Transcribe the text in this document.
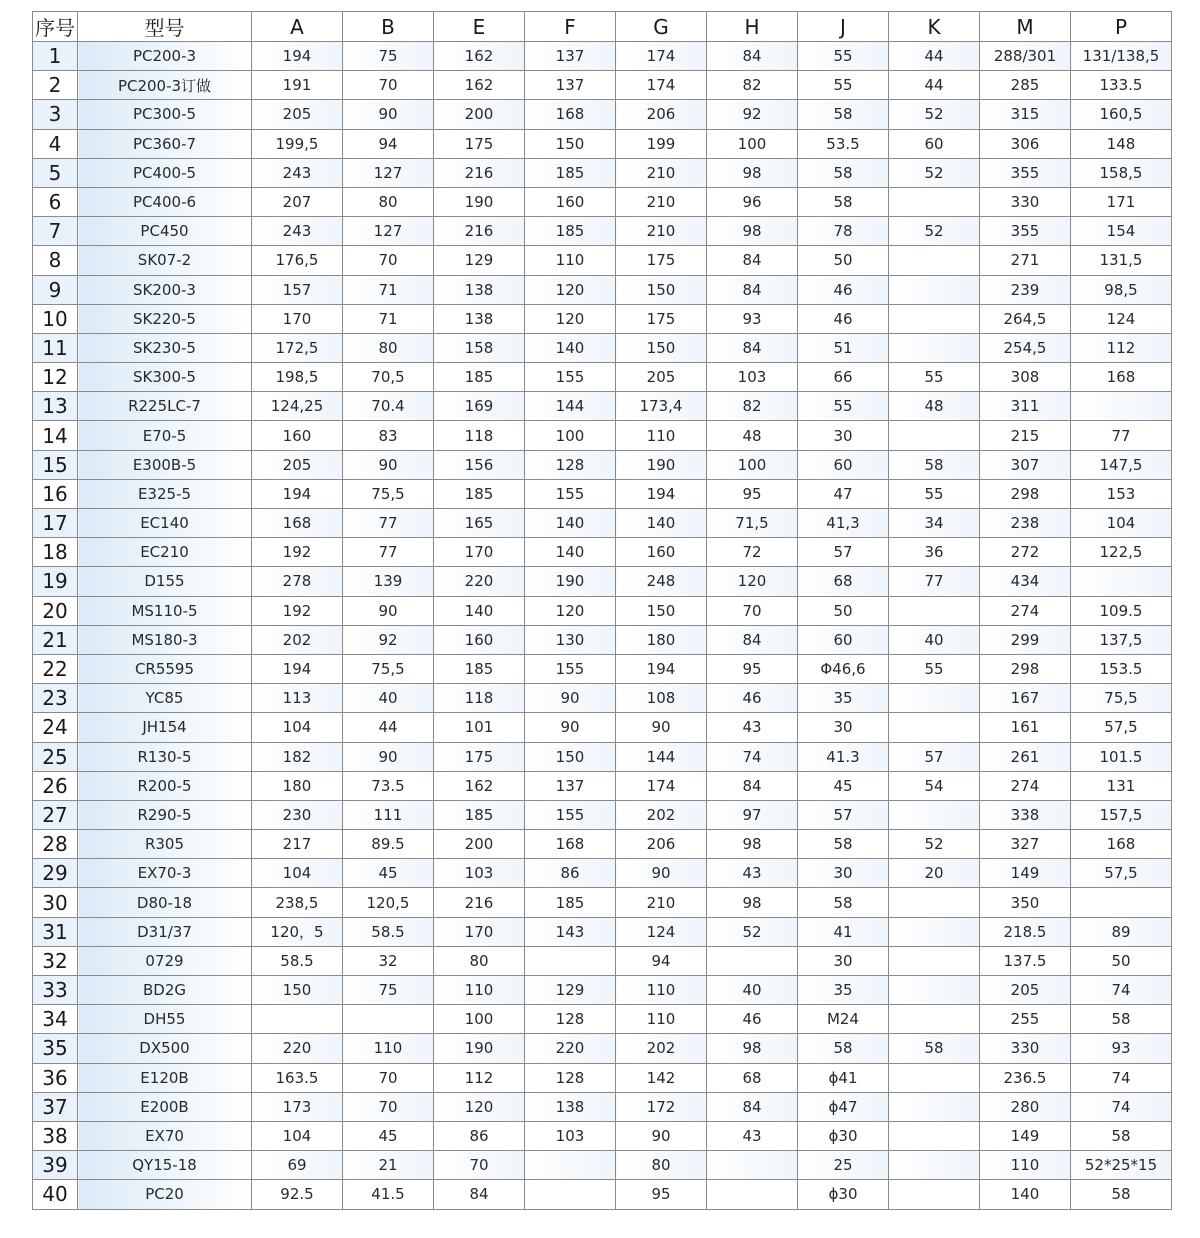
序号	型号	A	B	E	F	G	H	J	K	M	P
1	PC200-3	194	75	162	137	174	84	55	44	288/301	131/138,5
2	PC200-3订做	191	70	162	137	174	82	55	44	285	133.5
3	PC300-5	205	90	200	168	206	92	58	52	315	160,5
4	PC360-7	199,5	94	175	150	199	100	53.5	60	306	148
5	PC400-5	243	127	216	185	210	98	58	52	355	158,5
6	PC400-6	207	80	190	160	210	96	58		330	171
7	PC450	243	127	216	185	210	98	78	52	355	154
8	SK07-2	176,5	70	129	110	175	84	50		271	131,5
9	SK200-3	157	71	138	120	150	84	46		239	98,5
10	SK220-5	170	71	138	120	175	93	46		264,5	124
11	SK230-5	172,5	80	158	140	150	84	51		254,5	112
12	SK300-5	198,5	70,5	185	155	205	103	66	55	308	168
13	R225LC-7	124,25	70.4	169	144	173,4	82	55	48	311	
14	E70-5	160	83	118	100	110	48	30		215	77
15	E300B-5	205	90	156	128	190	100	60	58	307	147,5
16	E325-5	194	75,5	185	155	194	95	47	55	298	153
17	EC140	168	77	165	140	140	71,5	41,3	34	238	104
18	EC210	192	77	170	140	160	72	57	36	272	122,5
19	D155	278	139	220	190	248	120	68	77	434	
20	MS110-5	192	90	140	120	150	70	50		274	109.5
21	MS180-3	202	92	160	130	180	84	60	40	299	137,5
22	CR5595	194	75,5	185	155	194	95	Φ46,6	55	298	153.5
23	YC85	113	40	118	90	108	46	35		167	75,5
24	JH154	104	44	101	90	90	43	30		161	57,5
25	R130-5	182	90	175	150	144	74	41.3	57	261	101.5
26	R200-5	180	73.5	162	137	174	84	45	54	274	131
27	R290-5	230	111	185	155	202	97	57		338	157,5
28	R305	217	89.5	200	168	206	98	58	52	327	168
29	EX70-3	104	45	103	86	90	43	30	20	149	57,5
30	D80-18	238,5	120,5	216	185	210	98	58		350	
31	D31/37	120，5	58.5	170	143	124	52	41		218.5	89
32	0729	58.5	32	80		94		30		137.5	50
33	BD2G	150	75	110	129	110	40	35		205	74
34	DH55			100	128	110	46	M24		255	58
35	DX500	220	110	190	220	202	98	58	58	330	93
36	E120B	163.5	70	112	128	142	68	ϕ41		236.5	74
37	E200B	173	70	120	138	172	84	ϕ47		280	74
38	EX70	104	45	86	103	90	43	ϕ30		149	58
39	QY15-18	69	21	70		80		25		110	52*25*15
40	PC20	92.5	41.5	84		95		ϕ30		140	58
